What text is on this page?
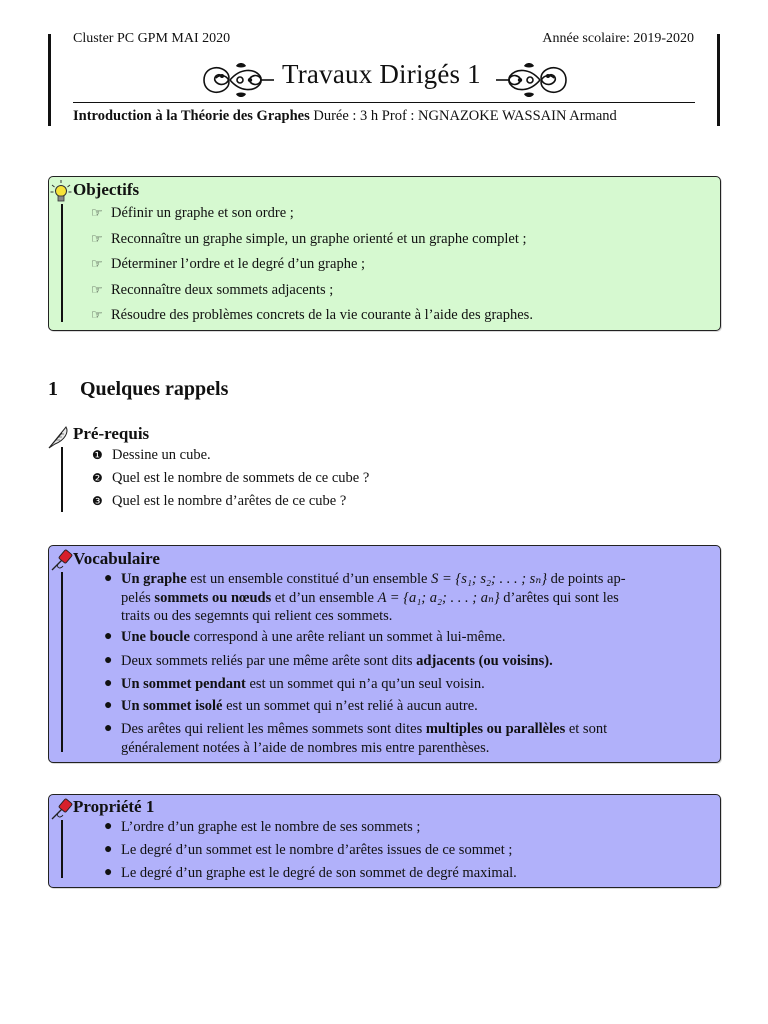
Cluster PC GPM MAI 2020	Année scolaire: 2019-2020
Travaux Dirigés 1
Introduction à la Théorie des Graphes Durée : 3 h Prof : NGNAZOKE WASSAIN Armand
Objectifs
☞ Définir un graphe et son ordre ;
☞ Reconnaître un graphe simple, un graphe orienté et un graphe complet ;
☞ Déterminer l’ordre et le degré d’un graphe ;
☞ Reconnaître deux sommets adjacents ;
☞ Résoudre des problèmes concrets de la vie courante à l’aide des graphes.
1 Quelques rappels
Pré-requis
❶ Dessine un cube.
❷ Quel est le nombre de sommets de ce cube ?
❸ Quel est le nombre d’arêtes de ce cube ?
Vocabulaire
● Un graphe est un ensemble constitué d’un ensemble S = {s₁; s₂; . . . ; sₙ} de points ap-
pelés sommets ou nœuds et d’un ensemble A = {a₁; a₂; . . . ; aₙ} d’arêtes qui sont les
traits ou des segemnts qui relient ces sommets.
● Une boucle correspond à une arête reliant un sommet à lui-même.
● Deux sommets reliés par une même arête sont dits adjacents (ou voisins).
● Un sommet pendant est un sommet qui n’a qu’un seul voisin.
● Un sommet isolé est un sommet qui n’est relié à aucun autre.
● Des arêtes qui relient les mêmes sommets sont dites multiples ou parallèles et sont
généralement notées à l’aide de nombres mis entre parenthèses.
Propriété 1
● L’ordre d’un graphe est le nombre de ses sommets ;
● Le degré d’un sommet est le nombre d’arêtes issues de ce sommet ;
● Le degré d’un graphe est le degré de son sommet de degré maximal.
